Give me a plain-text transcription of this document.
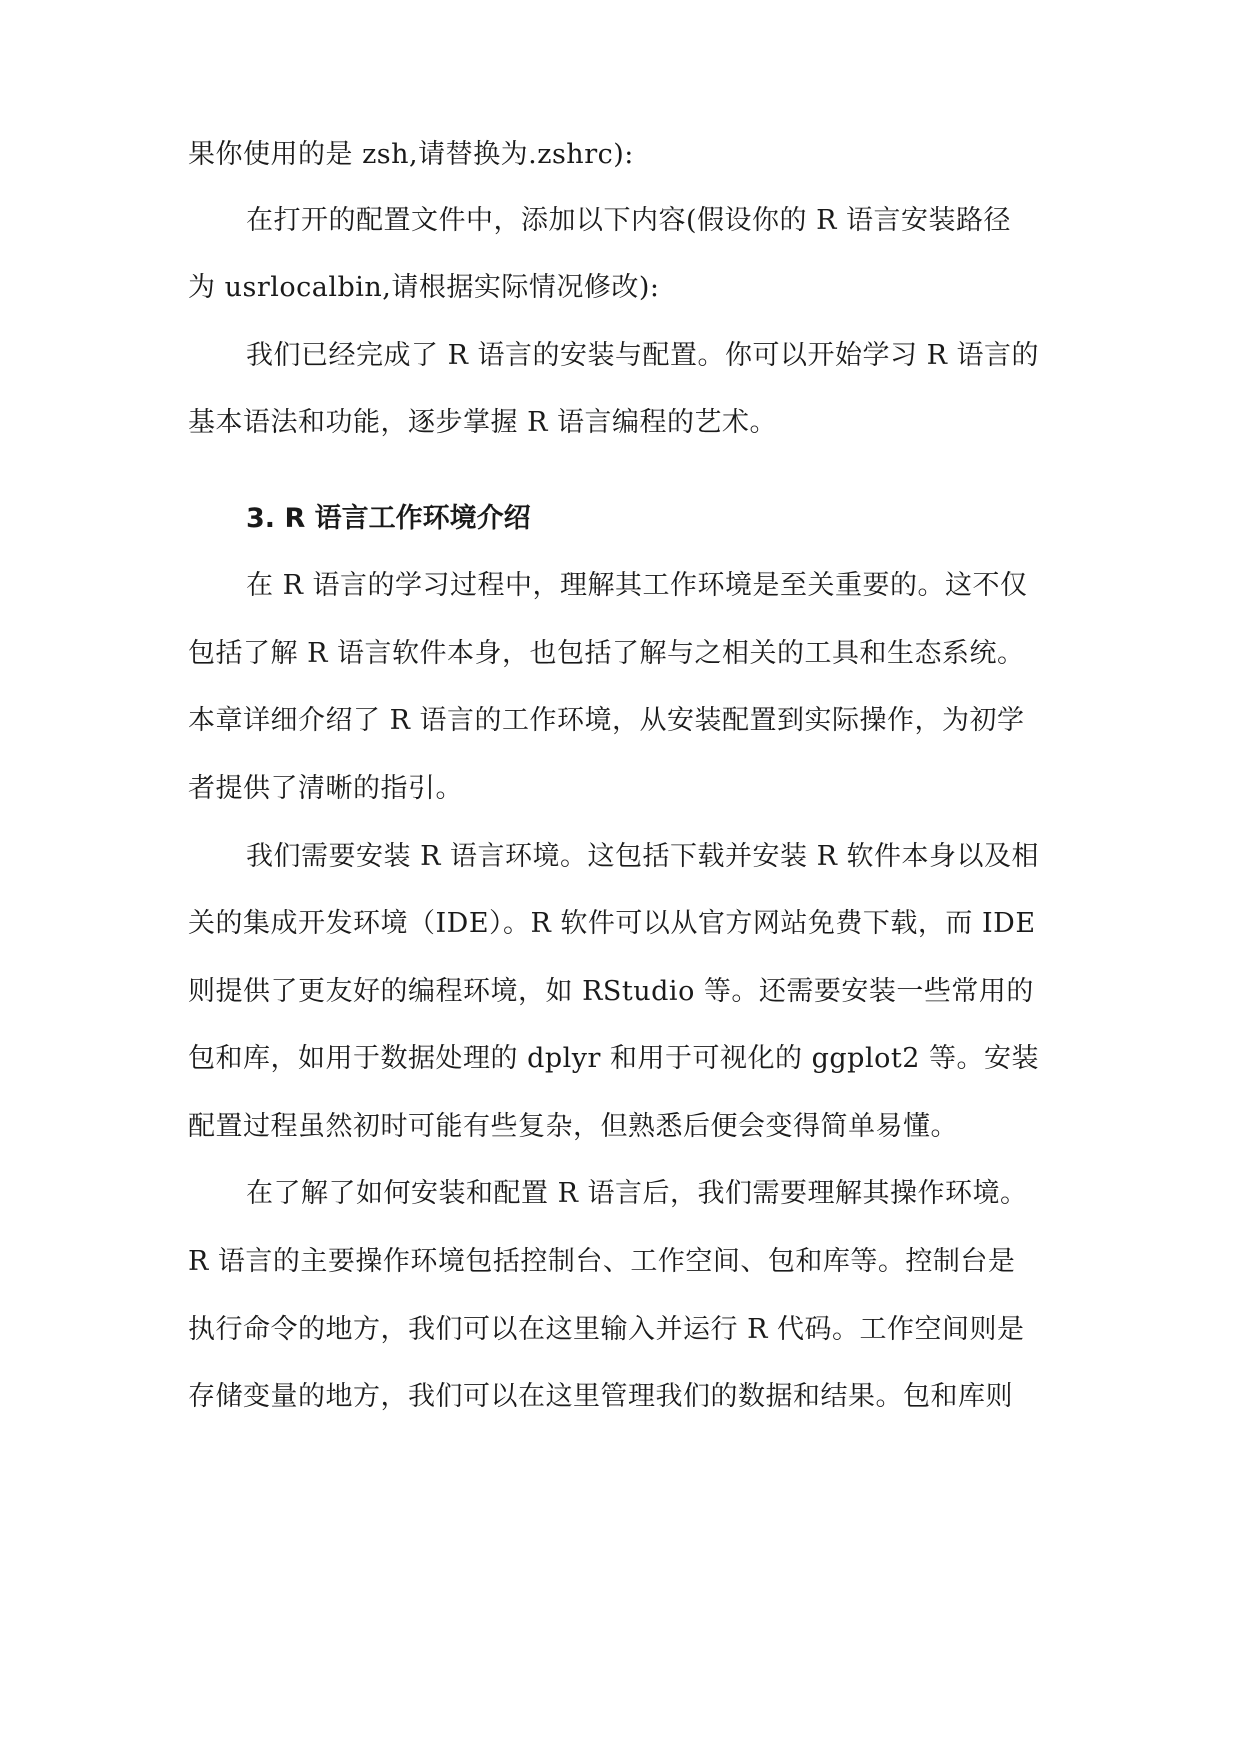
果你使用的是 zsh,请替换为.zshrc):
在打开的配置文件中，添加以下内容(假设你的 R 语言安装路径
为 usrlocalbin,请根据实际情况修改):
我们已经完成了 R 语言的安装与配置。你可以开始学习 R 语言的
基本语法和功能，逐步掌握 R 语言编程的艺术。
3. R 语言工作环境介绍
在 R 语言的学习过程中，理解其工作环境是至关重要的。这不仅
包括了解 R 语言软件本身，也包括了解与之相关的工具和生态系统。
本章详细介绍了 R 语言的工作环境，从安装配置到实际操作，为初学
者提供了清晰的指引。
我们需要安装 R 语言环境。这包括下载并安装 R 软件本身以及相
关的集成开发环境（IDE）。R 软件可以从官方网站免费下载，而 IDE
则提供了更友好的编程环境，如 RStudio 等。还需要安装一些常用的
包和库，如用于数据处理的 dplyr 和用于可视化的 ggplot2 等。安装
配置过程虽然初时可能有些复杂，但熟悉后便会变得简单易懂。
在了解了如何安装和配置 R 语言后，我们需要理解其操作环境。
R 语言的主要操作环境包括控制台、工作空间、包和库等。控制台是
执行命令的地方，我们可以在这里输入并运行 R 代码。工作空间则是
存储变量的地方，我们可以在这里管理我们的数据和结果。包和库则
